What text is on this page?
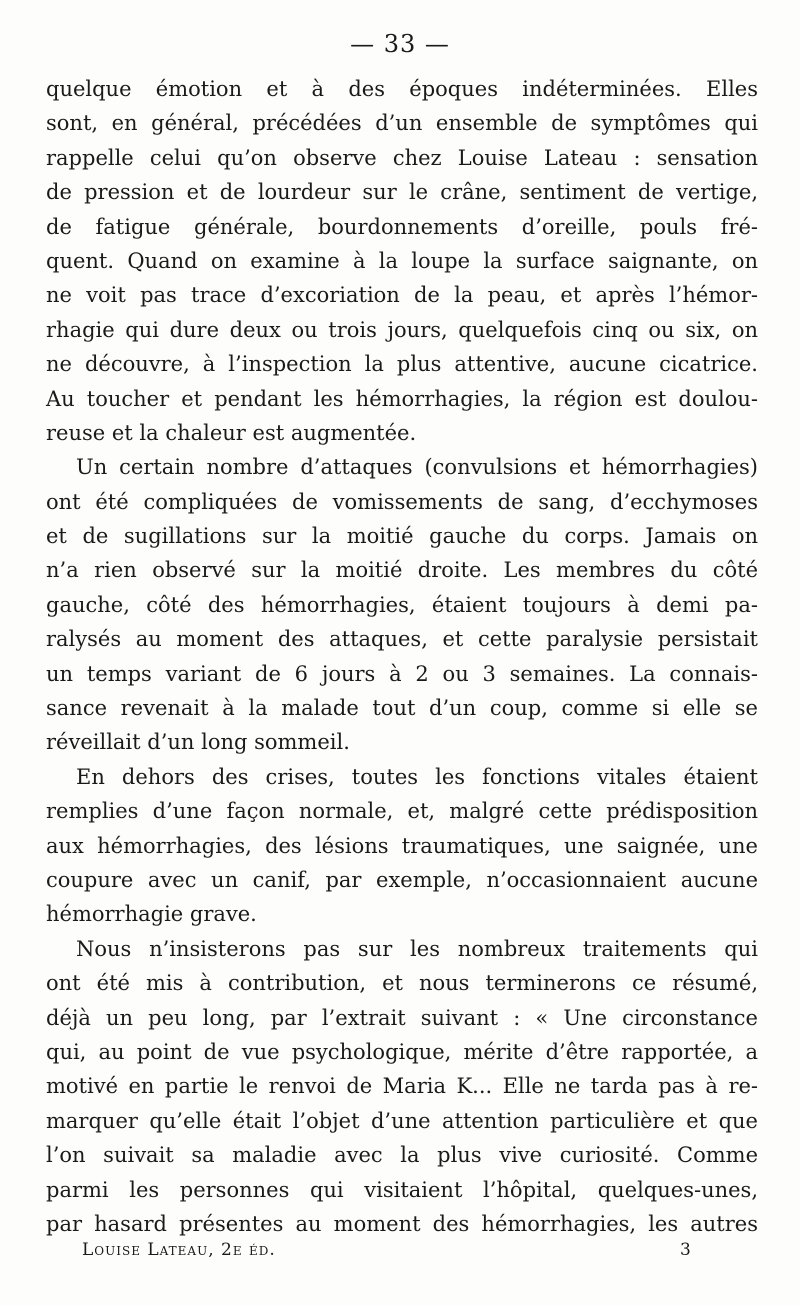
— 33 —
quelque émotion et à des époques indéterminées. Elles
sont, en général, précédées d’un ensemble de symptômes qui
rappelle celui qu’on observe chez Louise Lateau : sensation
de pression et de lourdeur sur le crâne, sentiment de vertige,
de fatigue générale, bourdonnements d’oreille, pouls fré-
quent. Quand on examine à la loupe la surface saignante, on
ne voit pas trace d’excoriation de la peau, et après l’hémor-
rhagie qui dure deux ou trois jours, quelquefois cinq ou six, on
ne découvre, à l’inspection la plus attentive, aucune cicatrice.
Au toucher et pendant les hémorrhagies, la région est doulou-
reuse et la chaleur est augmentée.
Un certain nombre d’attaques (convulsions et hémorrhagies)
ont été compliquées de vomissements de sang, d’ecchymoses
et de sugillations sur la moitié gauche du corps. Jamais on
n’a rien observé sur la moitié droite. Les membres du côté
gauche, côté des hémorrhagies, étaient toujours à demi pa-
ralysés au moment des attaques, et cette paralysie persistait
un temps variant de 6 jours à 2 ou 3 semaines. La connais-
sance revenait à la malade tout d’un coup, comme si elle se
réveillait d’un long sommeil.
En dehors des crises, toutes les fonctions vitales étaient
remplies d’une façon normale, et, malgré cette prédisposition
aux hémorrhagies, des lésions traumatiques, une saignée, une
coupure avec un canif, par exemple, n’occasionnaient aucune
hémorrhagie grave.
Nous n’insisterons pas sur les nombreux traitements qui
ont été mis à contribution, et nous terminerons ce résumé,
déjà un peu long, par l’extrait suivant : « Une circonstance
qui, au point de vue psychologique, mérite d’être rapportée, a
motivé en partie le renvoi de Maria K... Elle ne tarda pas à re-
marquer qu’elle était l’objet d’une attention particulière et que
l’on suivait sa maladie avec la plus vive curiosité. Comme
parmi les personnes qui visitaient l’hôpital, quelques-unes,
par hasard présentes au moment des hémorrhagies, les autres
Louise Lateau, 2e éd.	3
